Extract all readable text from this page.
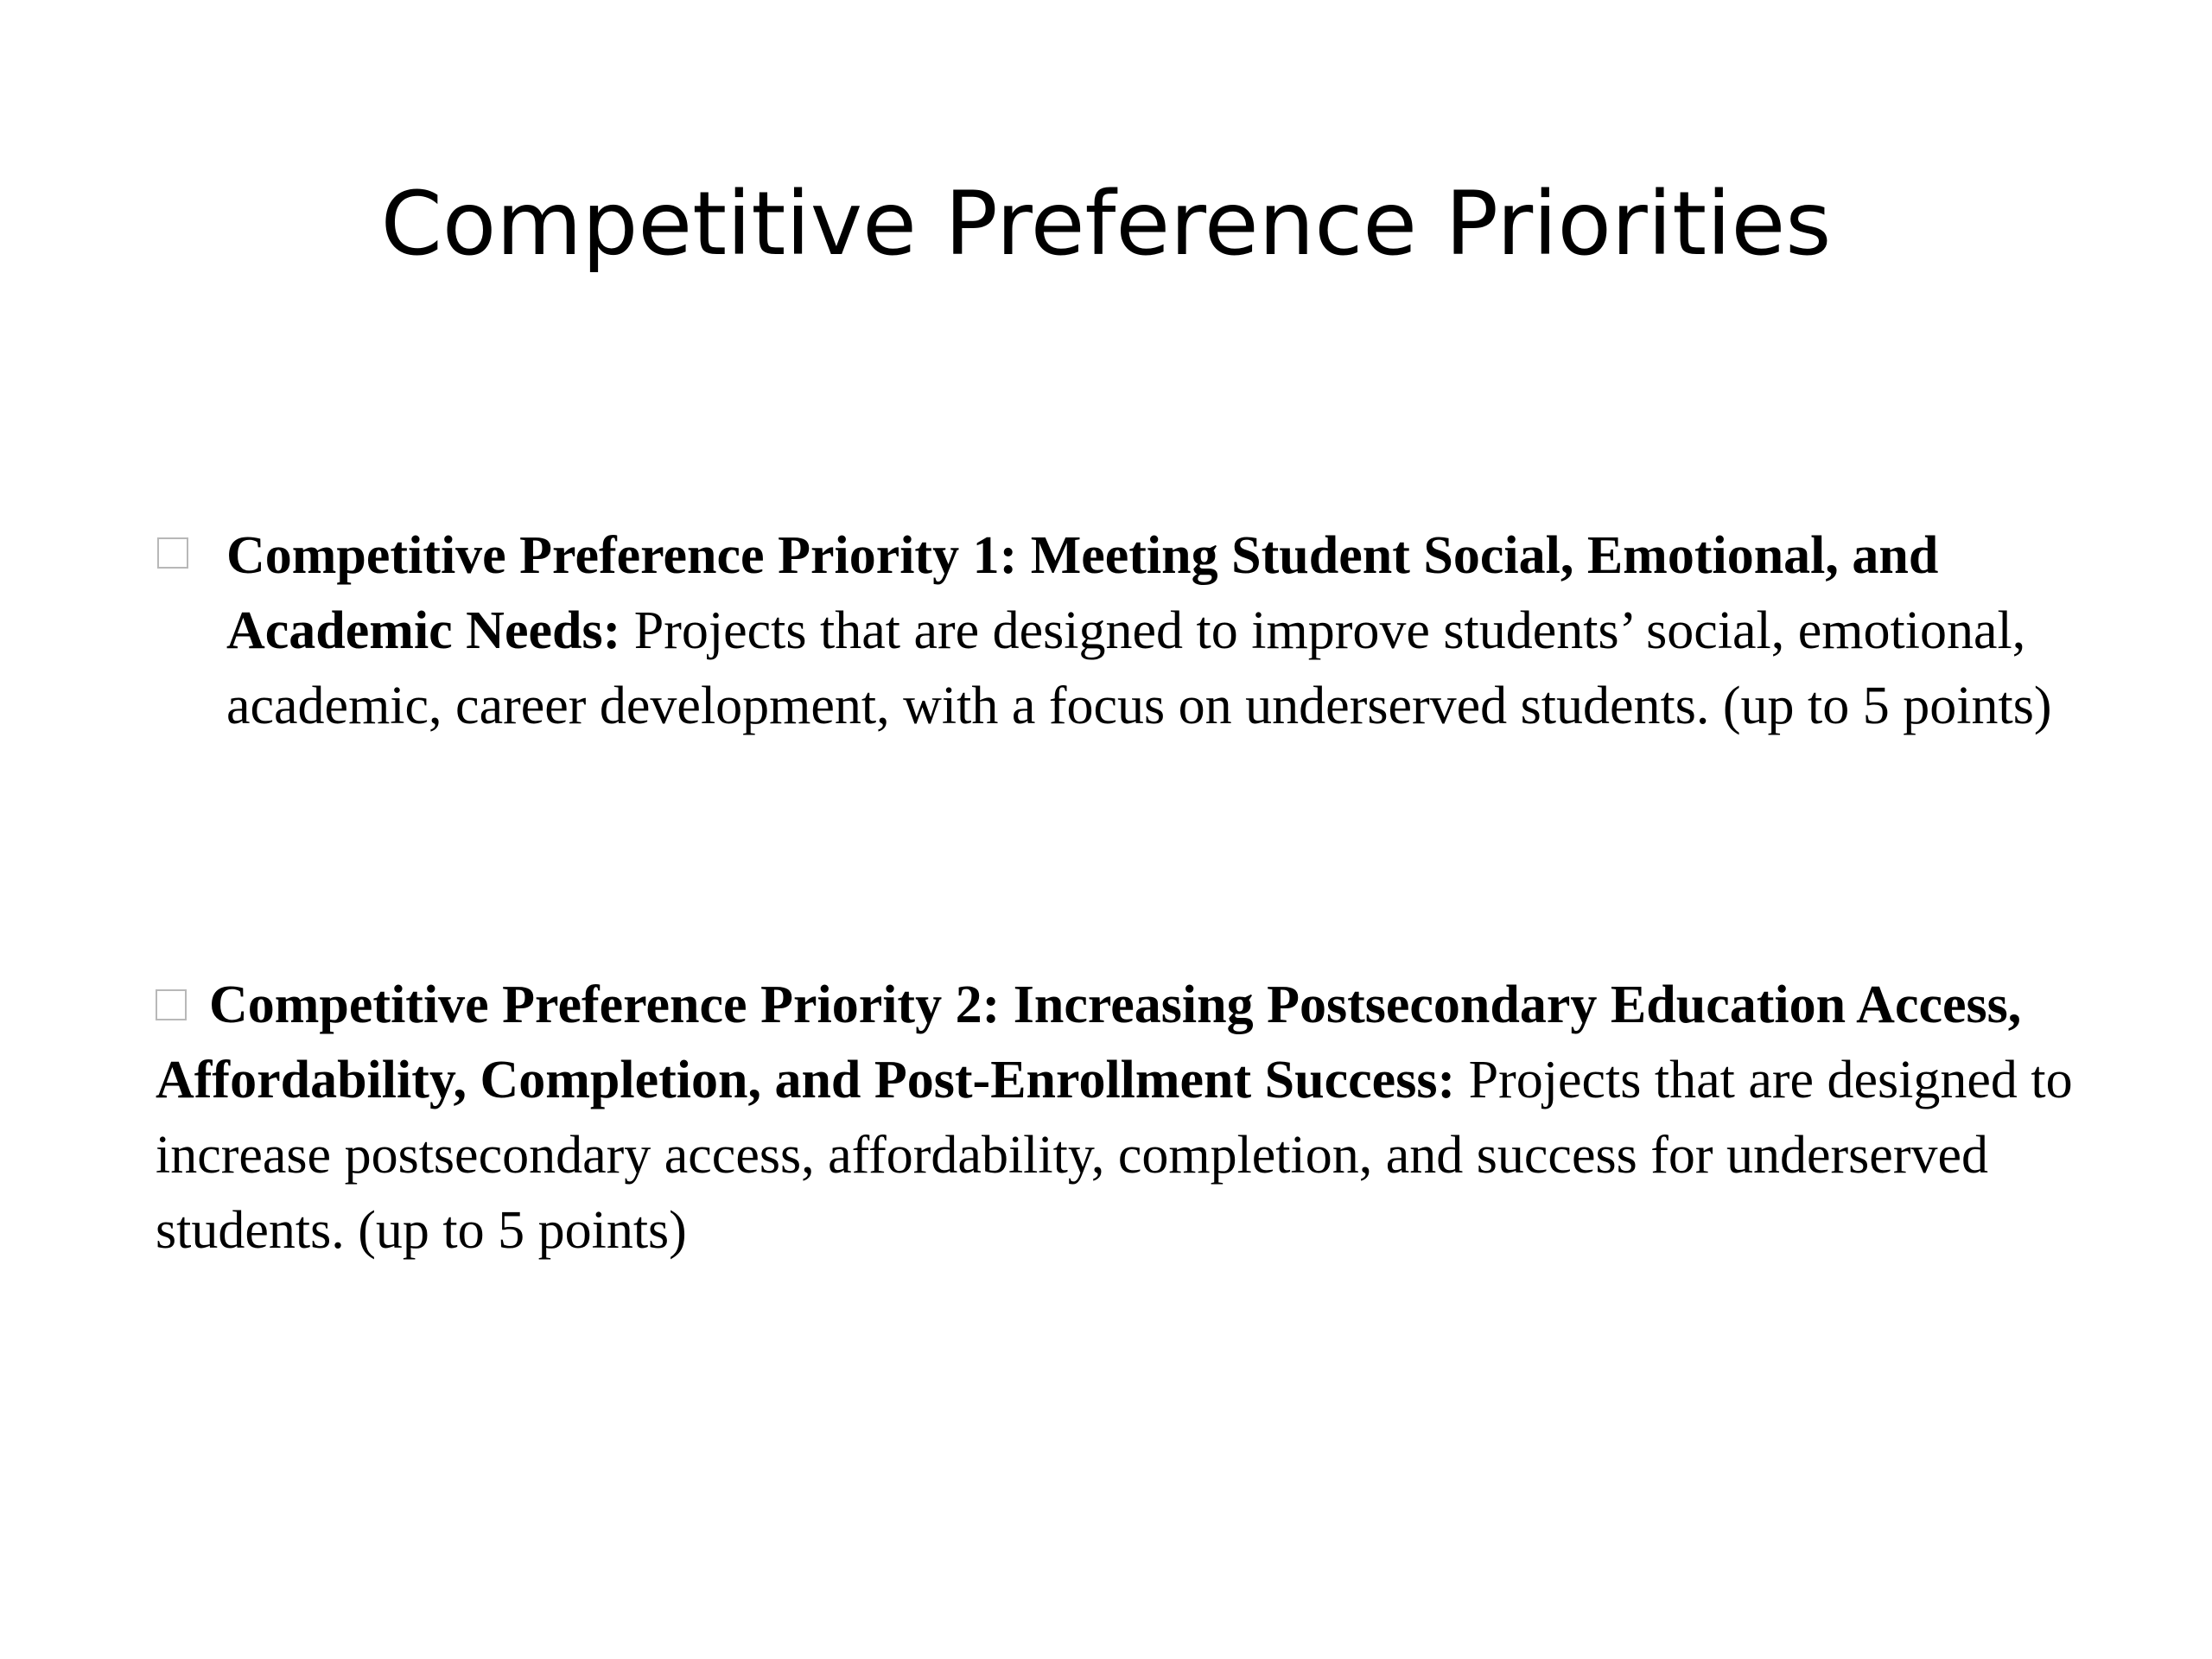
Competitive Preference Priorities
Competitive Preference Priority 1: Meeting Student Social, Emotional, and Academic Needs: Projects that are designed to improve students’ social, emotional, academic, career development, with a focus on underserved students. (up to 5 points)
Competitive Preference Priority 2: Increasing Postsecondary Education Access, Affordability, Completion, and Post-Enrollment Success: Projects that are designed to increase postsecondary access, affordability, completion, and success for underserved students. (up to 5 points)
